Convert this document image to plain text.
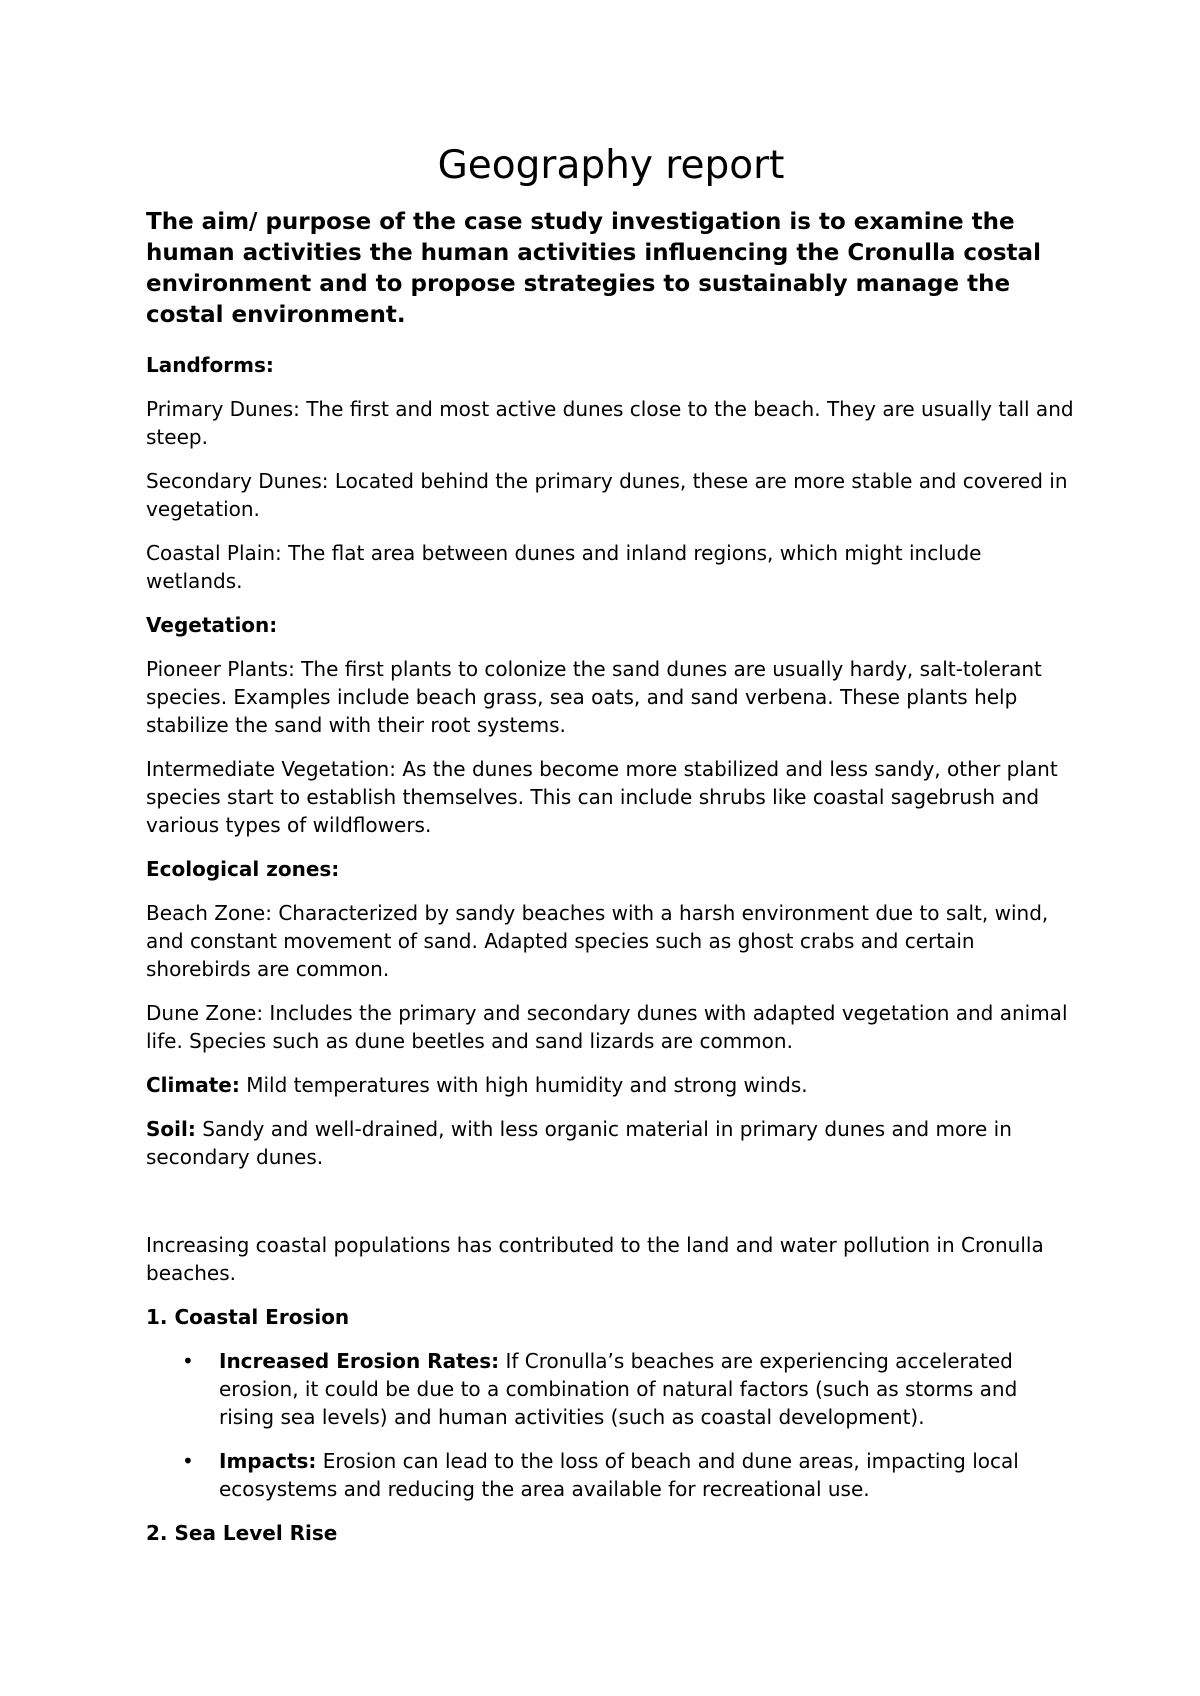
Geography report

The aim/ purpose of the case study investigation is to examine the human activities the human activities influencing the Cronulla costal environment and to propose strategies to sustainably manage the costal environment.

Landforms:

Primary Dunes: The first and most active dunes close to the beach. They are usually tall and steep.

Secondary Dunes: Located behind the primary dunes, these are more stable and covered in vegetation.

Coastal Plain: The flat area between dunes and inland regions, which might include wetlands.

Vegetation:

Pioneer Plants: The first plants to colonize the sand dunes are usually hardy, salt-tolerant species. Examples include beach grass, sea oats, and sand verbena. These plants help stabilize the sand with their root systems.

Intermediate Vegetation: As the dunes become more stabilized and less sandy, other plant species start to establish themselves. This can include shrubs like coastal sagebrush and various types of wildflowers.

Ecological zones:

Beach Zone: Characterized by sandy beaches with a harsh environment due to salt, wind, and constant movement of sand. Adapted species such as ghost crabs and certain shorebirds are common.

Dune Zone: Includes the primary and secondary dunes with adapted vegetation and animal life. Species such as dune beetles and sand lizards are common.

Climate: Mild temperatures with high humidity and strong winds.

Soil: Sandy and well-drained, with less organic material in primary dunes and more in secondary dunes.

Increasing coastal populations has contributed to the land and water pollution in Cronulla beaches.

1. Coastal Erosion
• Increased Erosion Rates: If Cronulla’s beaches are experiencing accelerated erosion, it could be due to a combination of natural factors (such as storms and rising sea levels) and human activities (such as coastal development).
• Impacts: Erosion can lead to the loss of beach and dune areas, impacting local ecosystems and reducing the area available for recreational use.
2. Sea Level Rise
